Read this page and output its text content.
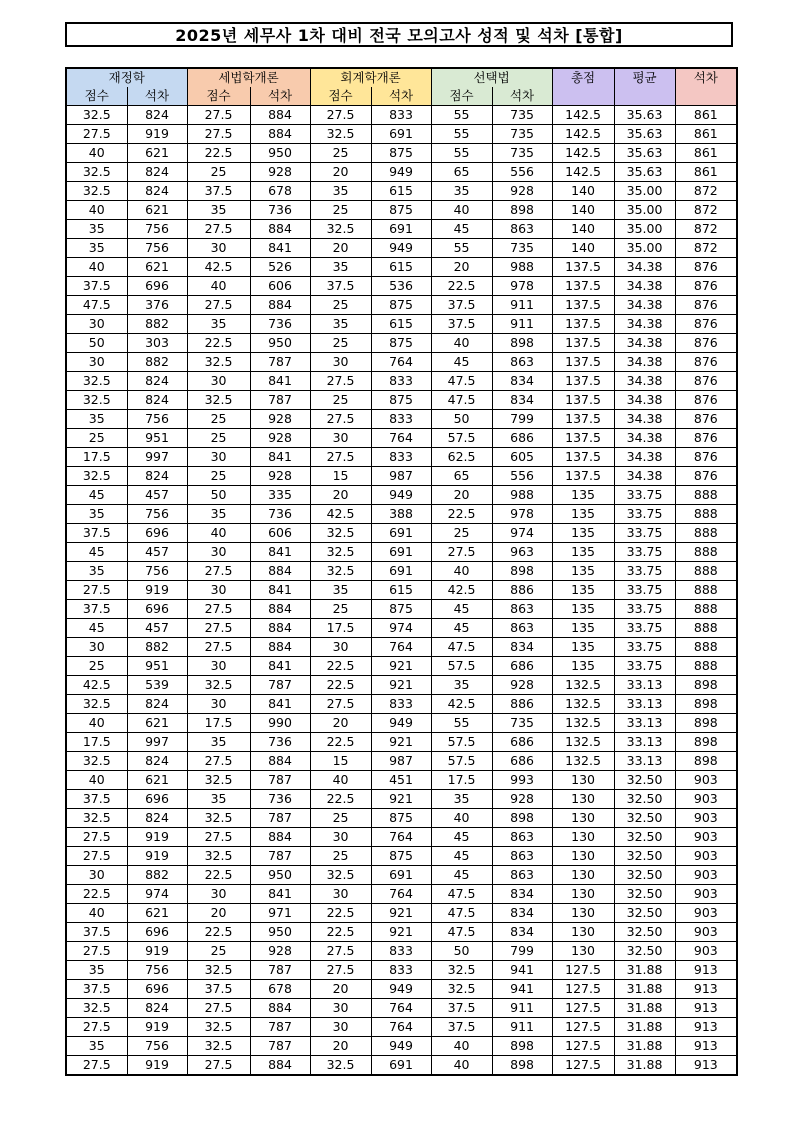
2025년 세무사 1차 대비 전국 모의고사 성적 및 석차 [통합]
재정학		세법학개론		회계학개론		선택법		총점	평균	석차
점수	석차	점수	석차	점수	석차	점수	석차			
32.5	824	27.5	884	27.5	833	55	735	142.5	35.63	861
27.5	919	27.5	884	32.5	691	55	735	142.5	35.63	861
40	621	22.5	950	25	875	55	735	142.5	35.63	861
32.5	824	25	928	20	949	65	556	142.5	35.63	861
32.5	824	37.5	678	35	615	35	928	140	35.00	872
40	621	35	736	25	875	40	898	140	35.00	872
35	756	27.5	884	32.5	691	45	863	140	35.00	872
35	756	30	841	20	949	55	735	140	35.00	872
40	621	42.5	526	35	615	20	988	137.5	34.38	876
37.5	696	40	606	37.5	536	22.5	978	137.5	34.38	876
47.5	376	27.5	884	25	875	37.5	911	137.5	34.38	876
30	882	35	736	35	615	37.5	911	137.5	34.38	876
50	303	22.5	950	25	875	40	898	137.5	34.38	876
30	882	32.5	787	30	764	45	863	137.5	34.38	876
32.5	824	30	841	27.5	833	47.5	834	137.5	34.38	876
32.5	824	32.5	787	25	875	47.5	834	137.5	34.38	876
35	756	25	928	27.5	833	50	799	137.5	34.38	876
25	951	25	928	30	764	57.5	686	137.5	34.38	876
17.5	997	30	841	27.5	833	62.5	605	137.5	34.38	876
32.5	824	25	928	15	987	65	556	137.5	34.38	876
45	457	50	335	20	949	20	988	135	33.75	888
35	756	35	736	42.5	388	22.5	978	135	33.75	888
37.5	696	40	606	32.5	691	25	974	135	33.75	888
45	457	30	841	32.5	691	27.5	963	135	33.75	888
35	756	27.5	884	32.5	691	40	898	135	33.75	888
27.5	919	30	841	35	615	42.5	886	135	33.75	888
37.5	696	27.5	884	25	875	45	863	135	33.75	888
45	457	27.5	884	17.5	974	45	863	135	33.75	888
30	882	27.5	884	30	764	47.5	834	135	33.75	888
25	951	30	841	22.5	921	57.5	686	135	33.75	888
42.5	539	32.5	787	22.5	921	35	928	132.5	33.13	898
32.5	824	30	841	27.5	833	42.5	886	132.5	33.13	898
40	621	17.5	990	20	949	55	735	132.5	33.13	898
17.5	997	35	736	22.5	921	57.5	686	132.5	33.13	898
32.5	824	27.5	884	15	987	57.5	686	132.5	33.13	898
40	621	32.5	787	40	451	17.5	993	130	32.50	903
37.5	696	35	736	22.5	921	35	928	130	32.50	903
32.5	824	32.5	787	25	875	40	898	130	32.50	903
27.5	919	27.5	884	30	764	45	863	130	32.50	903
27.5	919	32.5	787	25	875	45	863	130	32.50	903
30	882	22.5	950	32.5	691	45	863	130	32.50	903
22.5	974	30	841	30	764	47.5	834	130	32.50	903
40	621	20	971	22.5	921	47.5	834	130	32.50	903
37.5	696	22.5	950	22.5	921	47.5	834	130	32.50	903
27.5	919	25	928	27.5	833	50	799	130	32.50	903
35	756	32.5	787	27.5	833	32.5	941	127.5	31.88	913
37.5	696	37.5	678	20	949	32.5	941	127.5	31.88	913
32.5	824	27.5	884	30	764	37.5	911	127.5	31.88	913
27.5	919	32.5	787	30	764	37.5	911	127.5	31.88	913
35	756	32.5	787	20	949	40	898	127.5	31.88	913
27.5	919	27.5	884	32.5	691	40	898	127.5	31.88	913
